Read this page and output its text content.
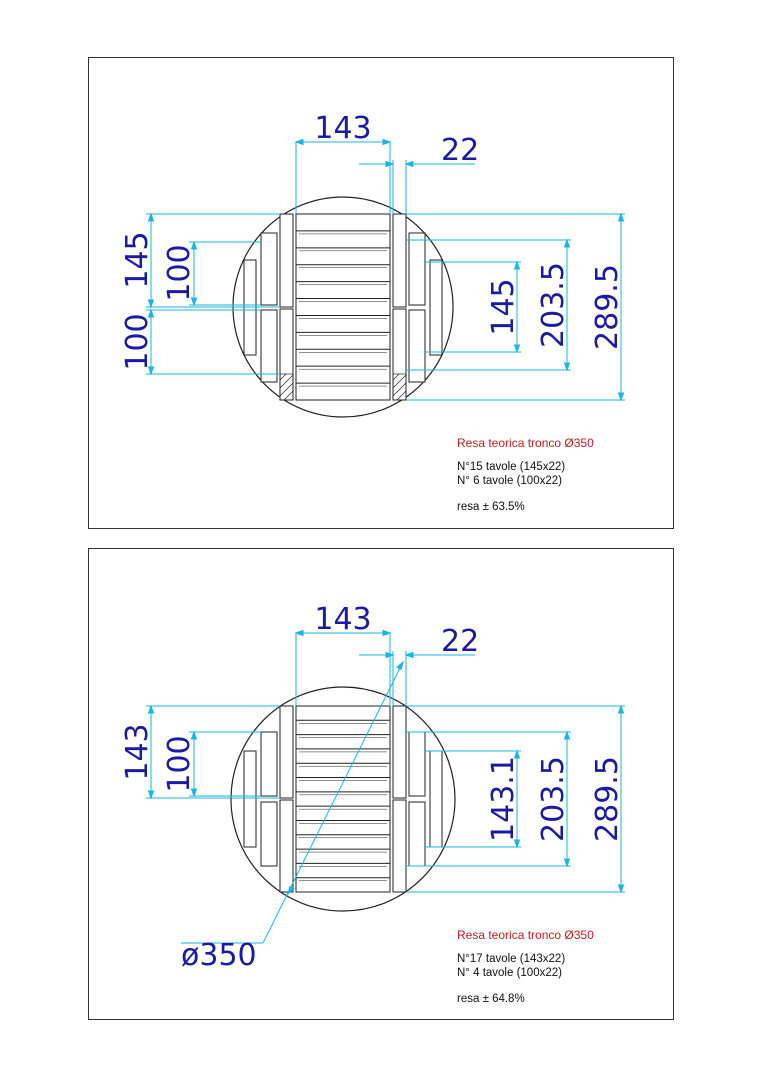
143
22
145 100
100
145 203.5 289.5
Resa teorica tronco Ø350
N°15 tavole (145x22)
N° 6 tavole (100x22)
resa ± 63.5%
143
22
143 100	143.1 203.5 289.5
ø350
Resa teorica tronco Ø350
N°17 tavole (143x22)
N° 4 tavole (100x22)
resa ± 64.8%
